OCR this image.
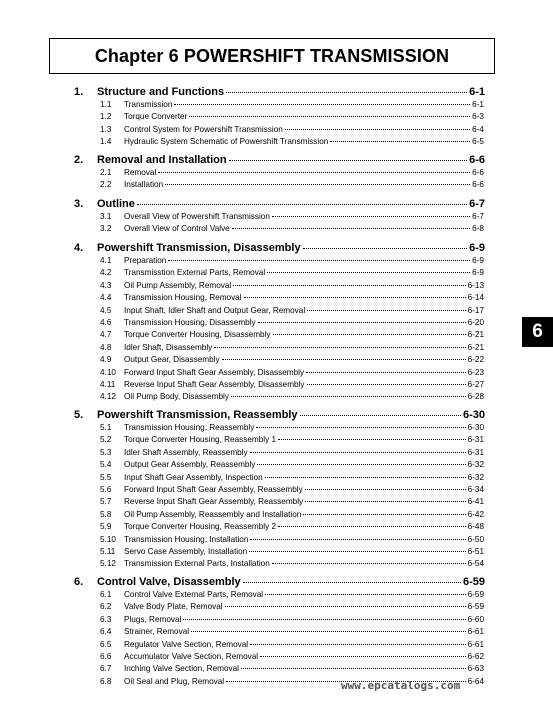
Chapter 6 POWERSHIFT TRANSMISSION
1.	Structure and Functions	6-1
1.1	Transmission	6-1
1.2	Torque Converter	6-3
1.3	Control System for Powershift Transmission	6-4
1.4	Hydraulic System Schematic of Powershift Transmission	6-5
2.	Removal and Installation	6-6
2.1	Removal	6-6
2.2	Installation	6-6
3.	Outline	6-7
3.1	Overall View of Powershift Transmission	6-7
3.2	Overall View of Control Valve	6-8
4.	Powershift Transmission, Disassembly	6-9
4.1	Preparation	6-9
4.2	Transmisstion External Parts, Removal	6-9
4.3	Oil Pump Assembly, Removal	6-13
4.4	Transmission Housing, Removal	6-14
4.5	Input Shaft, Idler Shaft and Output Gear, Removal	6-17
4.6	Transmission Housing, Disassembly	6-20
4.7	Torque Converter Housing, Disassembly	6-21
4.8	Idler Shaft, Disassembly	6-21
4.9	Output Gear, Disassembly	6-22
4.10 Forward Input Shaft Gear Assembly, Disassembly	6-23
4.11	Reverse Input Shaft Gear Assembly, Disassembly	6-27
4.12 Oil Pump Body, Disassembly	6-28
5.	Powershift Transmission, Reassembly	6-30
5.1	Transmission Housing, Reassembly	6-30
5.2	Torque Converter Housing, Reassembly 1	6-31
5.3	Idler Shaft Assembly, Reassembly	6-31
5.4	Output Gear Assembly, Reassembly	6-32
5.5	Input Shaft Gear Assembly, Inspection	6-32
5.6	Forward Input Shaft Gear Assembly, Reassembly	6-34
5.7	Reverse Input Shaft Gear Assembly, Reassembly	6-41
5.8	Oil Pump Assembly, Reassembly and Installation	6-42
5.9	Torque Converter Housing, Reassembly 2	6-48
5.10 Transmission Housing, Installation	6-50
5.11	Servo Case Assembly, Installation	6-51
5.12 Transmission External Parts, Installation	6-54
6.	Control Valve, Disassembly	6-59
6.1	Control Valve External Parts, Removal	6-59
6.2	Valve Body Plate, Removal	6-59
6.3	Plugs, Removal	6-60
6.4	Strainer, Removal	6-61
6.5	Regulator Valve Section, Removal	6-61
6.6	Accumulator Valve Section, Removal	6-62
6.7	Inching Valve Section, Removal	6-63
6.8	Oil Seal and Plug, Removal	6-64
6
www.epcatalogs.com
